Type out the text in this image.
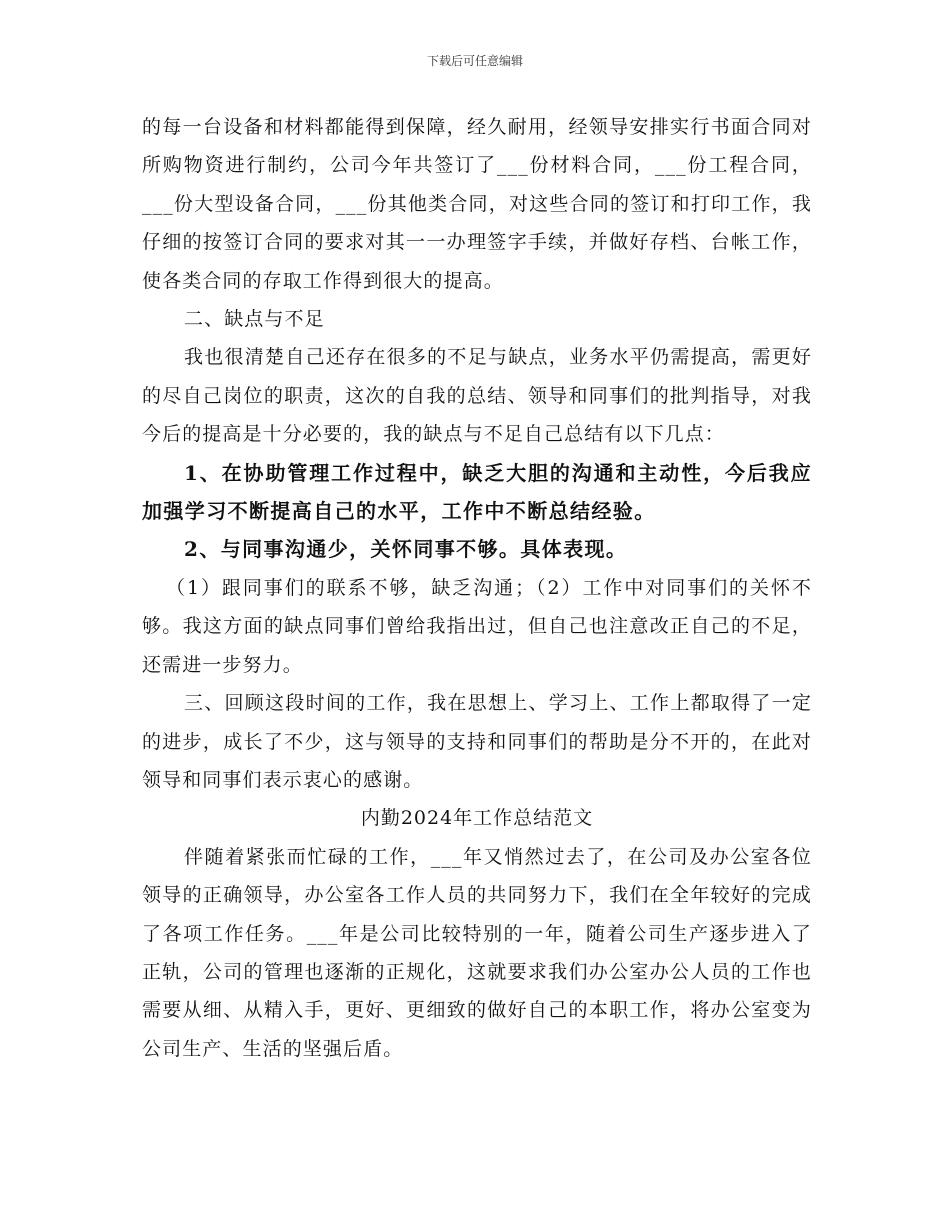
下载后可任意编辑

的每一台设备和材料都能得到保障，经久耐用，经领导安排实行书面合同对所购物资进行制约，公司今年共签订了___份材料合同，___份工程合同，___份大型设备合同，___份其他类合同，对这些合同的签订和打印工作，我仔细的按签订合同的要求对其一一办理签字手续，并做好存档、台帐工作，使各类合同的存取工作得到很大的提高。

二、缺点与不足

我也很清楚自己还存在很多的不足与缺点，业务水平仍需提高，需更好的尽自己岗位的职责，这次的自我的总结、领导和同事们的批判指导，对我今后的提高是十分必要的，我的缺点与不足自己总结有以下几点：

1、在协助管理工作过程中，缺乏大胆的沟通和主动性，今后我应加强学习不断提高自己的水平，工作中不断总结经验。

2、与同事沟通少，关怀同事不够。具体表现。

（1）跟同事们的联系不够，缺乏沟通；（2）工作中对同事们的关怀不够。我这方面的缺点同事们曾给我指出过，但自己也注意改正自己的不足，还需进一步努力。

三、回顾这段时间的工作，我在思想上、学习上、工作上都取得了一定的进步，成长了不少，这与领导的支持和同事们的帮助是分不开的，在此对领导和同事们表示衷心的感谢。

内勤2024年工作总结范文

伴随着紧张而忙碌的工作，___年又悄然过去了，在公司及办公室各位领导的正确领导，办公室各工作人员的共同努力下，我们在全年较好的完成了各项工作任务。___年是公司比较特别的一年，随着公司生产逐步进入了正轨，公司的管理也逐渐的正规化，这就要求我们办公室办公人员的工作也需要从细、从精入手，更好、更细致的做好自己的本职工作，将办公室变为公司生产、生活的坚强后盾。
